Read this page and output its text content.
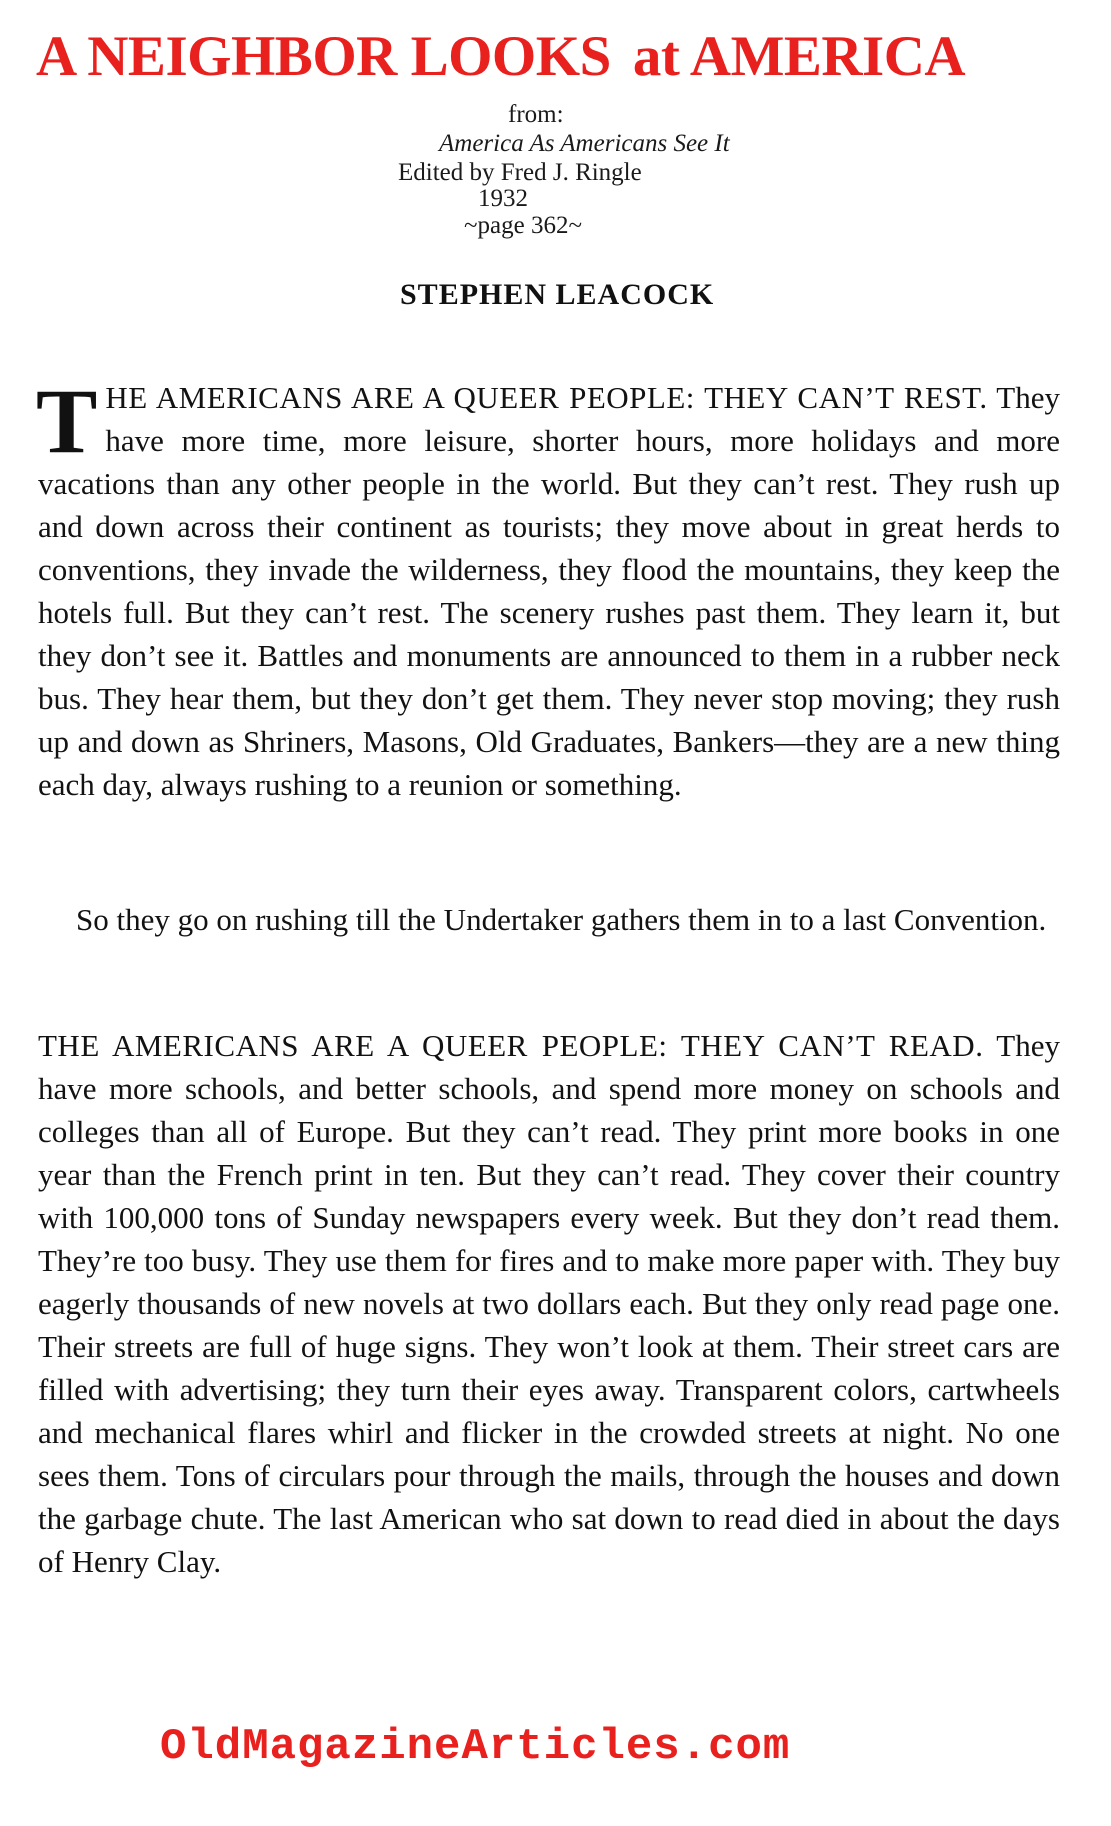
A NEIGHBOR LOOKS at AMERICA
from:
America As Americans See It
Edited by Fred J. Ringle
1932
~page 362~
STEPHEN LEACOCK

THE AMERICANS ARE A QUEER PEOPLE: THEY CAN’T REST. They have more time, more leisure, shorter hours, more holidays and more vacations than any other people in the world. But they can’t rest. They rush up and down across their continent as tourists; they move about in great herds to conventions, they invade the wilderness, they flood the mountains, they keep the hotels full. But they can’t rest. The scenery rushes past them. They learn it, but they don’t see it. Battles and monuments are announced to them in a rubber neck bus. They hear them, but they don’t get them. They never stop moving; they rush up and down as Shriners, Masons, Old Graduates, Bankers—they are a new thing each day, always rushing to a reunion or something.

So they go on rushing till the Undertaker gathers them in to a last Convention.

THE AMERICANS ARE A QUEER PEOPLE: THEY CAN’T READ. They have more schools, and better schools, and spend more money on schools and colleges than all of Europe. But they can’t read. They print more books in one year than the French print in ten. But they can’t read. They cover their country with 100,000 tons of Sunday newspapers every week. But they don’t read them. They’re too busy. They use them for fires and to make more paper with. They buy eagerly thousands of new novels at two dollars each. But they only read page one. Their streets are full of huge signs. They won’t look at them. Their street cars are filled with advertising; they turn their eyes away. Transparent colors, cartwheels and mechanical flares whirl and flicker in the crowded streets at night. No one sees them. Tons of circulars pour through the mails, through the houses and down the garbage chute. The last American who sat down to read died in about the days of Henry Clay.

OldMagazineArticles.com
